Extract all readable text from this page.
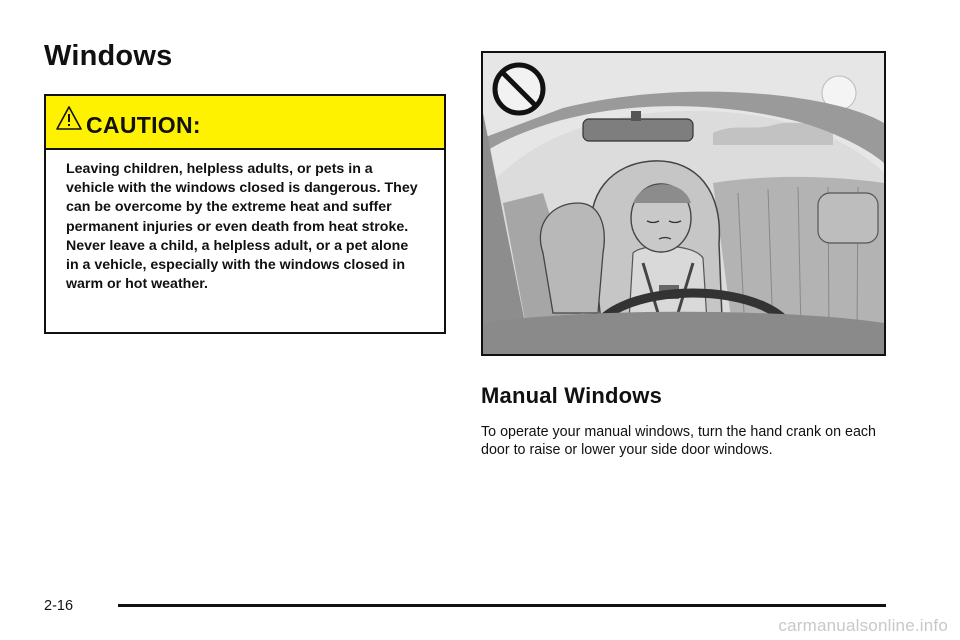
Windows
CAUTION:

Leaving children, helpless adults, or pets in a vehicle with the windows closed is dangerous. They can be overcome by the extreme heat and suffer permanent injuries or even death from heat stroke. Never leave a child, a helpless adult, or a pet alone in a vehicle, especially with the windows closed in warm or hot weather.

Manual Windows

To operate your manual windows, turn the hand crank on each door to raise or lower your side door windows.

2-16
carmanualsonline.info
